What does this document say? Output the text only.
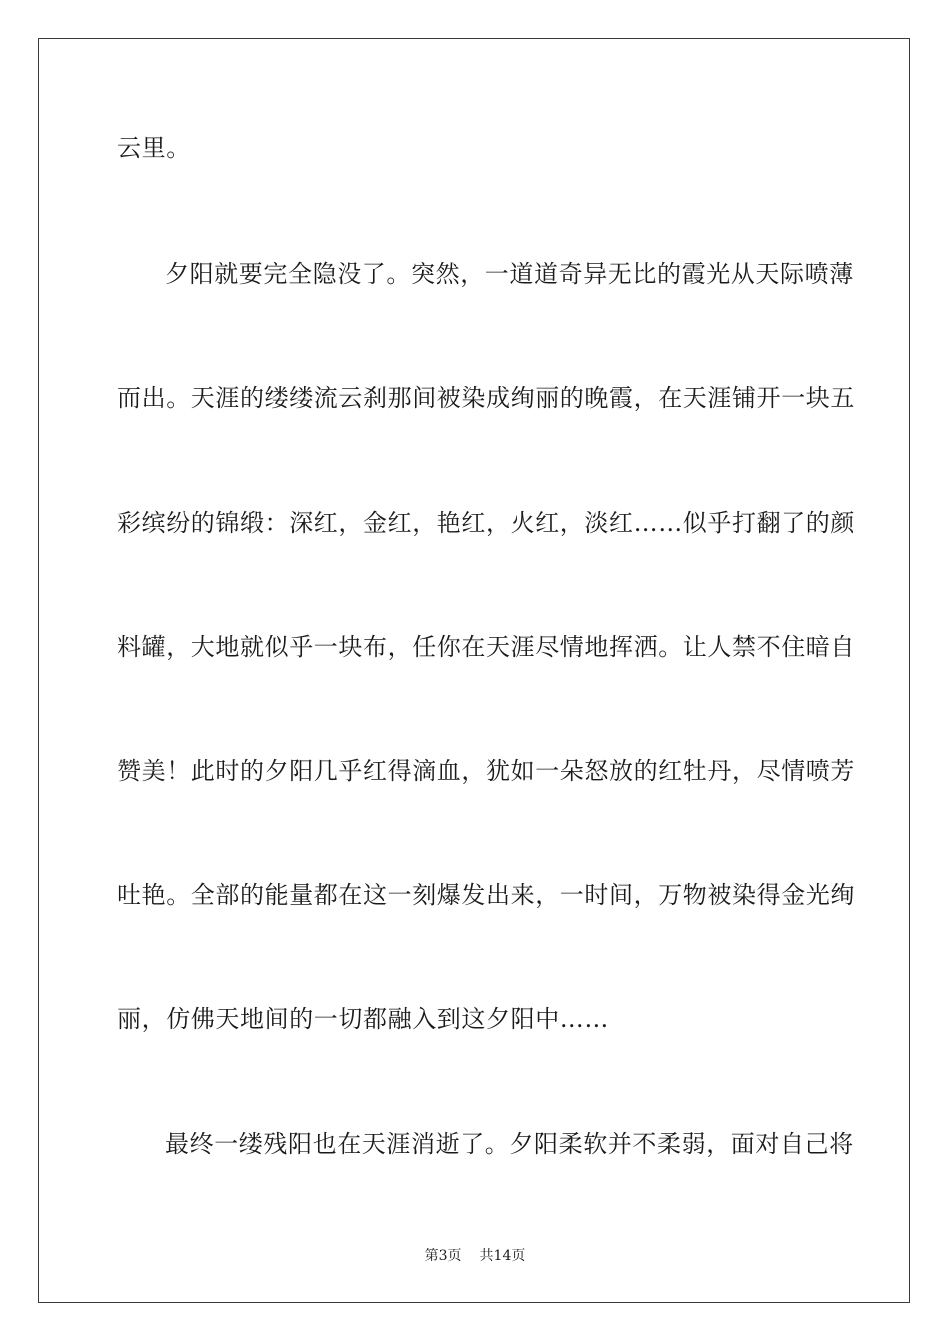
云里。
夕阳就要完全隐没了。突然，一道道奇异无比的霞光从天际喷薄
而出。天涯的缕缕流云刹那间被染成绚丽的晚霞，在天涯铺开一块五
彩缤纷的锦缎：深红，金红，艳红，火红，淡红……似乎打翻了的颜
料罐，大地就似乎一块布，任你在天涯尽情地挥洒。让人禁不住暗自
赞美！此时的夕阳几乎红得滴血，犹如一朵怒放的红牡丹，尽情喷芳
吐艳。全部的能量都在这一刻爆发出来，一时间，万物被染得金光绚
丽，仿佛天地间的一切都融入到这夕阳中……
最终一缕残阳也在天涯消逝了。夕阳柔软并不柔弱，面对自己将
第3页 共14页
